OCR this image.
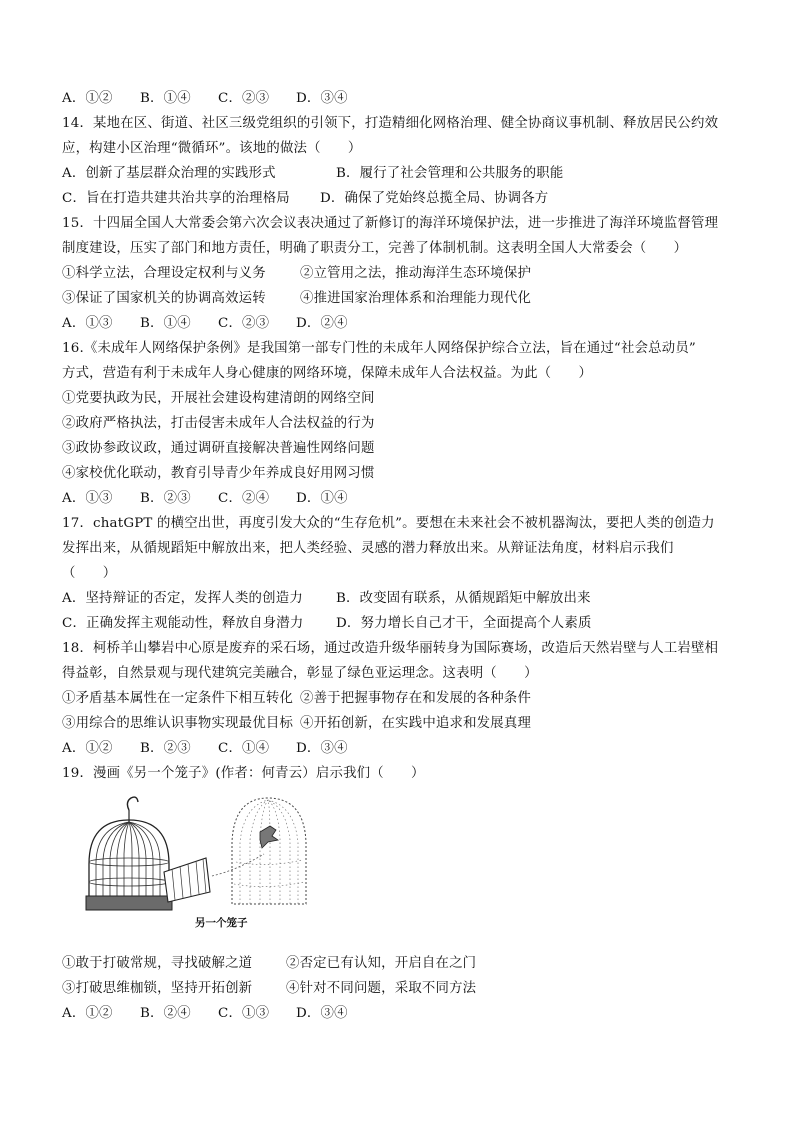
A．①② B．①④ C．②③ D．③④
14．某地在区、街道、社区三级党组织的引领下，打造精细化网格治理、健全协商议事机制、释放居民公约效
应，构建小区治理“微循环”。该地的做法（　　）
A．创新了基层群众治理的实践形式	B．履行了社会管理和公共服务的职能
C．旨在打造共建共治共享的治理格局 D．确保了党始终总揽全局、协调各方
15．十四届全国人大常委会第六次会议表决通过了新修订的海洋环境保护法，进一步推进了海洋环境监督管理
制度建设，压实了部门和地方责任，明确了职责分工，完善了体制机制。这表明全国人大常委会（　　）
①科学立法，合理设定权利与义务	②立管用之法，推动海洋生态环境保护
③保证了国家机关的协调高效运转	④推进国家治理体系和治理能力现代化
A．①③ B．①④ C．②③ D．②④
16.《未成年人网络保护条例》是我国第一部专门性的未成年人网络保护综合立法，旨在通过“社会总动员”
方式，营造有利于未成年人身心健康的网络环境，保障未成年人合法权益。为此（　　）
①党要执政为民，开展社会建设构建清朗的网络空间
②政府严格执法，打击侵害未成年人合法权益的行为
③政协参政议政，通过调研直接解决普遍性网络问题
④家校优化联动，教育引导青少年养成良好用网习惯
A．①③ B．②③ C．②④ D．①④
17．chatGPT 的横空出世，再度引发大众的“生存危机”。要想在未来社会不被机器淘汰，要把人类的创造力
发挥出来，从循规蹈矩中解放出来，把人类经验、灵感的潜力释放出来。从辩证法角度，材料启示我们
（　　）
A．坚持辩证的否定，发挥人类的创造力 B．改变固有联系，从循规蹈矩中解放出来
C．正确发挥主观能动性，释放自身潜力 D．努力增长自己才干，全面提高个人素质
18．柯桥羊山攀岩中心原是废弃的采石场，通过改造升级华丽转身为国际赛场，改造后天然岩壁与人工岩壁相
得益彰，自然景观与现代建筑完美融合，彰显了绿色亚运理念。这表明（　　）
①矛盾基本属性在一定条件下相互转化 ②善于把握事物存在和发展的各种条件
③用综合的思维认识事物实现最优目标 ④开拓创新，在实践中追求和发展真理
A．①② B．②③ C．①④ D．③④
19．漫画《另一个笼子》(作者：何青云）启示我们（　　）
另一个笼子
①敢于打破常规，寻找破解之道	②否定已有认知，开启自在之门
③打破思维枷锁，坚持开拓创新	④针对不同问题，采取不同方法
A．①② B．②④ C．①③ D．③④
